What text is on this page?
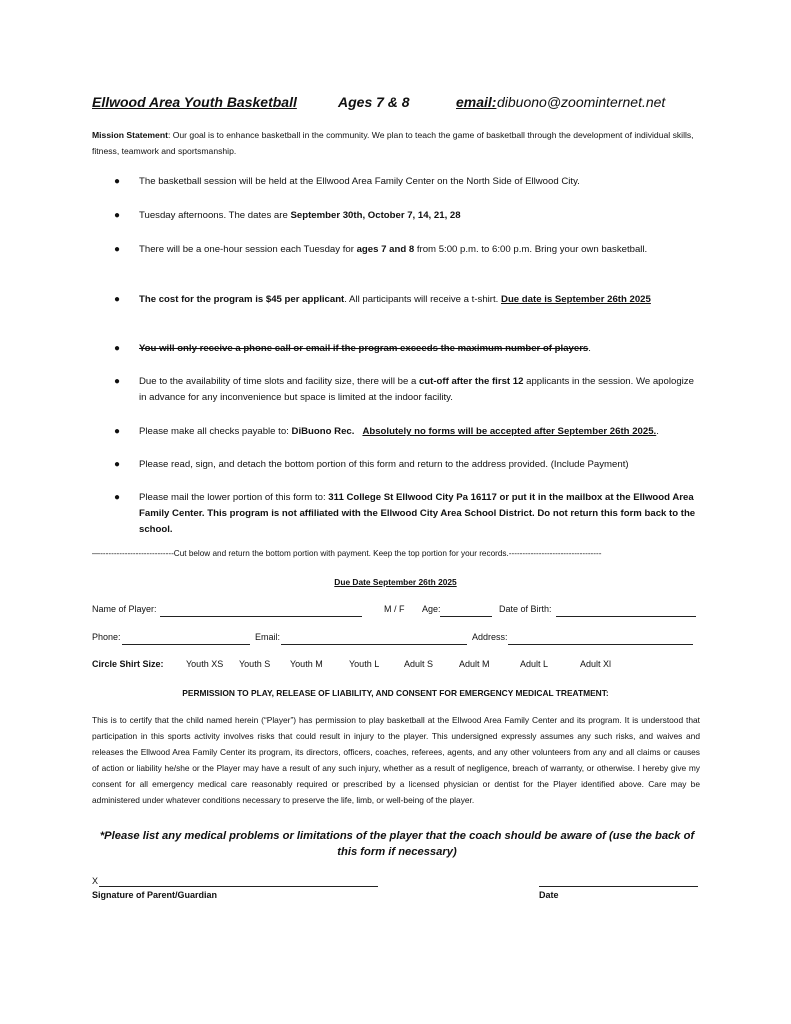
Ellwood Area Youth Basketball	Ages 7 & 8	email: dibuono@zoominternet.net
Mission Statement: Our goal is to enhance basketball in the community. We plan to teach the game of basketball through the development of individual skills, fitness, teamwork and sportsmanship.
● The basketball session will be held at the Ellwood Area Family Center on the North Side of Ellwood City.
● Tuesday afternoons. The dates are September 30th, October 7, 14, 21, 28
● There will be a one-hour session each Tuesday for ages 7 and 8 from 5:00 p.m. to 6:00 p.m. Bring your own basketball.
● The cost for the program is $45 per applicant. All participants will receive a t-shirt. Due date is September 26th 2025
● You will only receive a phone call or email if the program exceeds the maximum number of players.
● Due to the availability of time slots and facility size, there will be a cut-off after the first 12 applicants in the session. We apologize in advance for any inconvenience but space is limited at the indoor facility.
● Please make all checks payable to: DiBuono Rec. Absolutely no forms will be accepted after September 26th 2025..
● Please read, sign, and detach the bottom portion of this form and return to the address provided. (Include Payment)
● Please mail the lower portion of this form to: 311 College St Ellwood City Pa 16117 or put it in the mailbox at the Ellwood Area Family Center. This program is not affiliated with the Ellwood City Area School District. Do not return this form back to the school.
—---------------------------Cut below and return the bottom portion with payment. Keep the top portion for your records.----------------------------------
Due Date September 26th 2025
Name of Player:	M / F Age:	Date of Birth:
Phone:	Email:	Address:
Circle Shirt Size: Youth XS Youth S Youth M	Youth L	Adult S	Adult M	Adult L	Adult Xl
PERMISSION TO PLAY, RELEASE OF LIABILITY, AND CONSENT FOR EMERGENCY MEDICAL TREATMENT:
This is to certify that the child named herein (“Player”) has permission to play basketball at the Ellwood Area Family Center and its program. It is understood that participation in this sports activity involves risks that could result in injury to the player. This undersigned expressly assumes any such risks, and waives and releases the Ellwood Area Family Center its program, its directors, officers, coaches, referees, agents, and any other volunteers from any and all claims or causes of action or liability he/she or the Player may have a result of any such injury, whether as a result of negligence, breach of warranty, or otherwise. I hereby give my consent for all emergency medical care reasonably required or prescribed by a licensed physician or dentist for the Player identified above. Care may be administered under whatever conditions necessary to preserve the life, limb, or well-being of the player.
*Please list any medical problems or limitations of the player that the coach should be aware of (use the back of this form if necessary)
X
Signature of Parent/Guardian	Date
